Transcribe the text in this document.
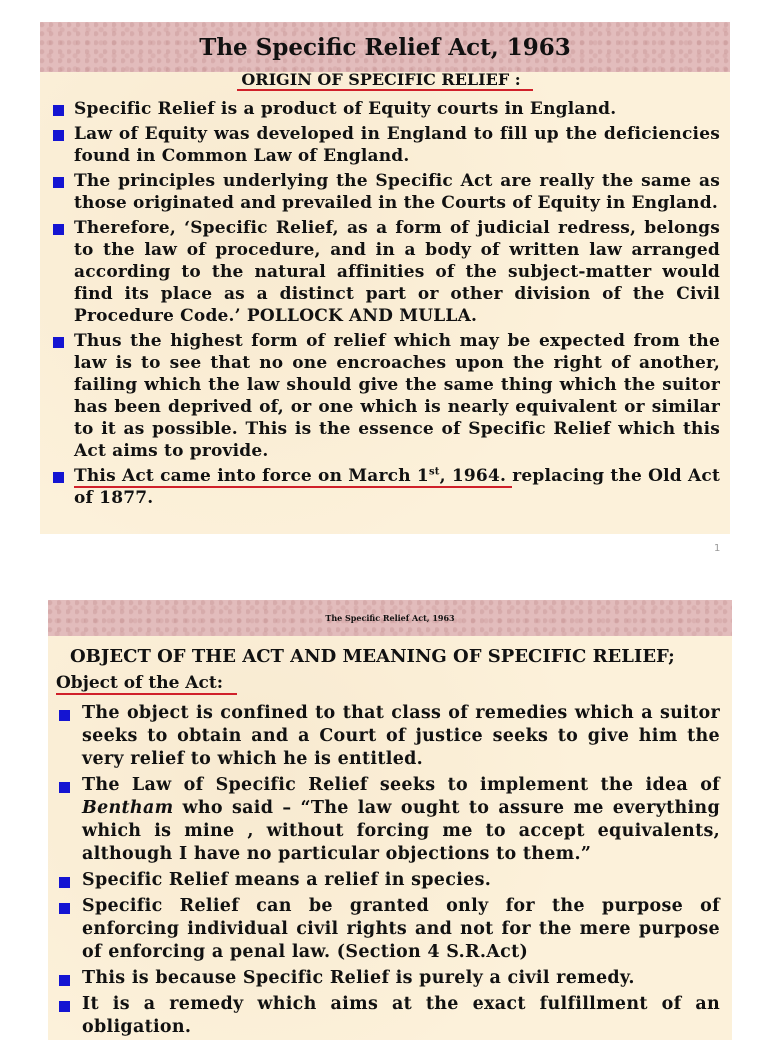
The Specific Relief Act, 1963
ORIGIN OF SPECIFIC RELIEF :
Specific Relief is a product of Equity courts in England.
Law of Equity was developed in England to fill up the deficiencies found in Common Law of England.
The principles underlying the Specific Act are really the same as those originated and prevailed in the Courts of Equity in England.
Therefore, ‘Specific Relief, as a form of judicial redress, belongs to the law of procedure, and in a body of written law arranged according to the natural affinities of the subject-matter would find its place as a distinct part or other division of the Civil Procedure Code.’ POLLOCK AND MULLA.
Thus the highest form of relief which may be expected from the law is to see that no one encroaches upon the right of another, failing which the law should give the same thing which the suitor has been deprived of, or one which is nearly equivalent or similar to it as possible. This is the essence of Specific Relief which this Act aims to provide.
This Act came into force on March 1st, 1964. replacing the Old Act of 1877.
1
The Specific Relief Act, 1963
OBJECT OF THE ACT AND MEANING OF SPECIFIC RELIEF;
Object of the Act:
The object is confined to that class of remedies which a suitor seeks to obtain and a Court of justice seeks to give him the very relief to which he is entitled.
The Law of Specific Relief seeks to implement the idea of Bentham who said – “The law ought to assure me everything which is mine , without forcing me to accept equivalents, although I have no particular objections to them.”
Specific Relief means a relief in species.
Specific Relief can be granted only for the purpose of enforcing individual civil rights and not for the mere purpose of enforcing a penal law. (Section 4 S.R.Act)
This is because Specific Relief is purely a civil remedy.
It is a remedy which aims at the exact fulfillment of an obligation.
